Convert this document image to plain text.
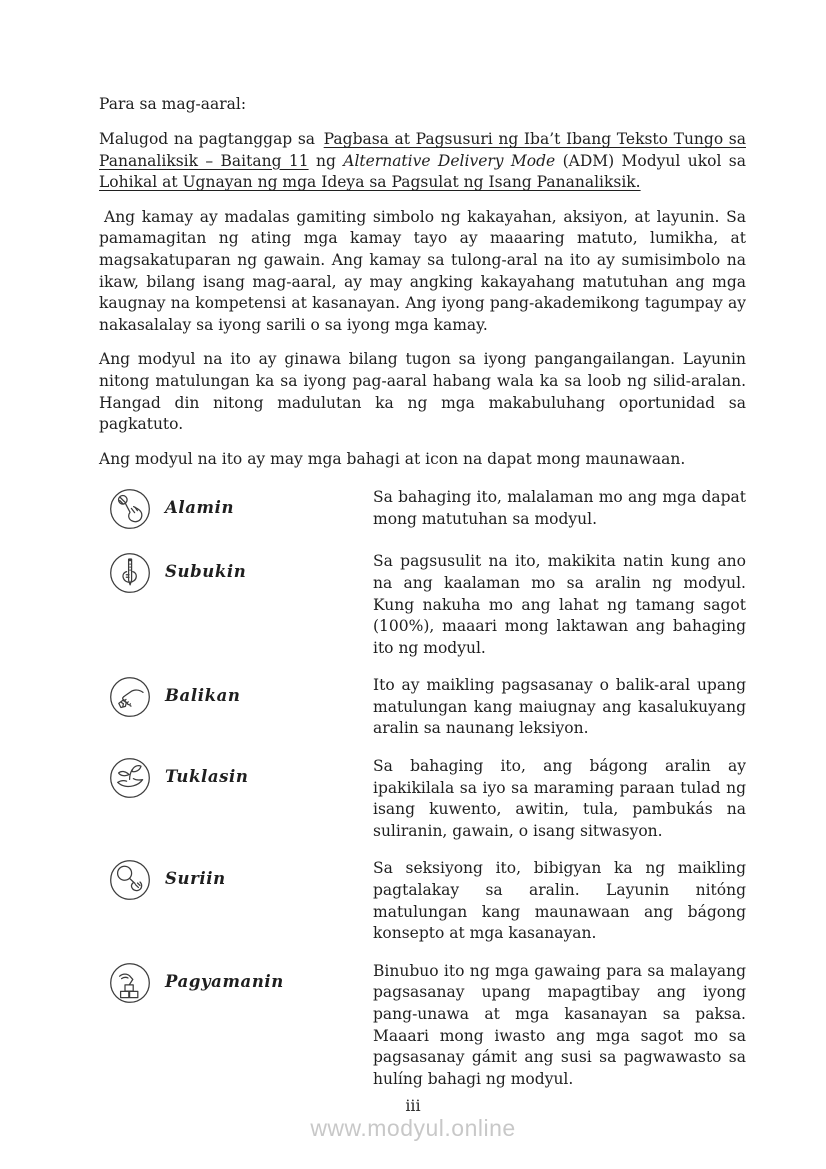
Para sa mag-aaral:

Malugod na pagtanggap sa Pagbasa at Pagsusuri ng Iba’t Ibang Teksto Tungo sa Pananaliksik – Baitang 11 ng Alternative Delivery Mode (ADM) Modyul ukol sa Lohikal at Ugnayan ng mga Ideya sa Pagsulat ng Isang Pananaliksik.

Ang kamay ay madalas gamiting simbolo ng kakayahan, aksiyon, at layunin. Sa pamamagitan ng ating mga kamay tayo ay maaaring matuto, lumikha, at magsakatuparan ng gawain. Ang kamay sa tulong-aral na ito ay sumisimbolo na ikaw, bilang isang mag-aaral, ay may angking kakayahang matutuhan ang mga kaugnay na kompetensi at kasanayan. Ang iyong pang-akademikong tagumpay ay nakasalalay sa iyong sarili o sa iyong mga kamay.

Ang modyul na ito ay ginawa bilang tugon sa iyong pangangailangan. Layunin nitong matulungan ka sa iyong pag-aaral habang wala ka sa loob ng silid-aralan. Hangad din nitong madulutan ka ng mga makabuluhang oportunidad sa pagkatuto.

Ang modyul na ito ay may mga bahagi at icon na dapat mong maunawaan.

Alamin

Sa bahaging ito, malalaman mo ang mga dapat mong matutuhan sa modyul.

Subukin

Sa pagsusulit na ito, makikita natin kung ano na ang kaalaman mo sa aralin ng modyul. Kung nakuha mo ang lahat ng tamang sagot (100%), maaari mong laktawan ang bahaging ito ng modyul.

Balikan

Ito ay maikling pagsasanay o balik-aral upang matulungan kang maiugnay ang kasalukuyang aralin sa naunang leksiyon.

Tuklasin

Sa bahaging ito, ang bágong aralin ay ipakikilala sa iyo sa maraming paraan tulad ng isang kuwento, awitin, tula, pambukás na suliranin, gawain, o isang sitwasyon.

Suriin

Sa seksiyong ito, bibigyan ka ng maikling pagtalakay sa aralin. Layunin nitóng matulungan kang maunawaan ang bágong konsepto at mga kasanayan.

Pagyamanin

Binubuo ito ng mga gawaing para sa malayang pagsasanay upang mapagtibay ang iyong pang-unawa at mga kasanayan sa paksa. Maaari mong iwasto ang mga sagot mo sa pagsasanay gámit ang susi sa pagwawasto sa hulíng bahagi ng modyul.

iii
www.modyul.online
